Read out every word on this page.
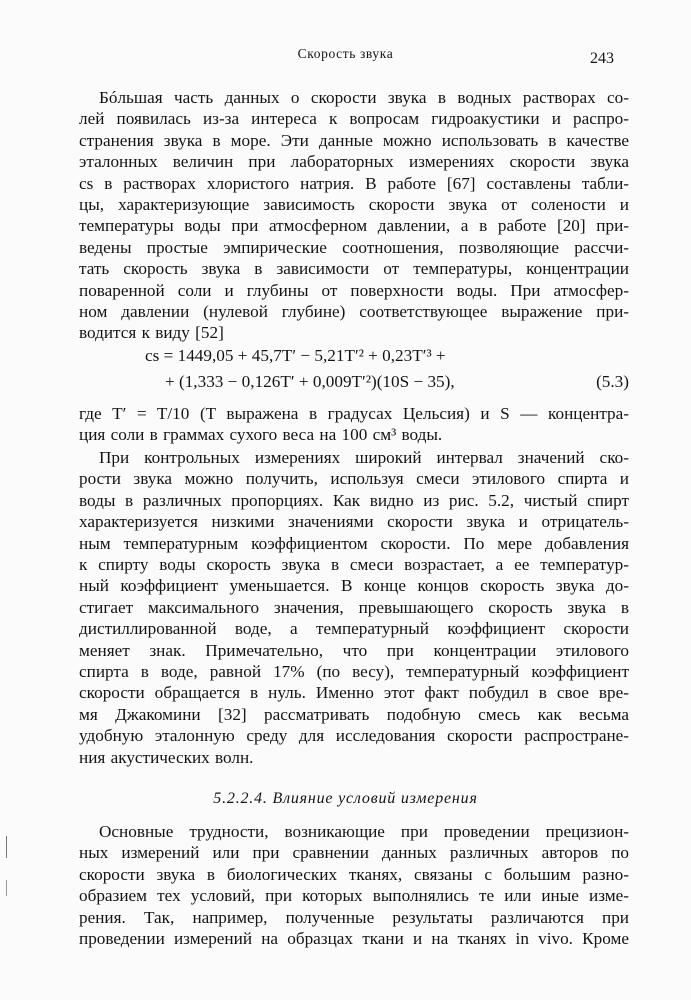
Скорость звука	243
Бóльшая часть данных о скорости звука в водных растворах со-
лей появилась из-за интереса к вопросам гидроакустики и распро-
странения звука в море. Эти данные можно использовать в качестве
эталонных величин при лабораторных измерениях скорости звука
cs в растворах хлористого натрия. В работе [67] составлены табли-
цы, характеризующие зависимость скорости звука от солености и
температуры воды при атмосферном давлении, а в работе [20] при-
ведены простые эмпирические соотношения, позволяющие рассчи-
тать скорость звука в зависимости от температуры, концентрации
поваренной соли и глубины от поверхности воды. При атмосфер-
ном давлении (нулевой глубине) соответствующее выражение при-
водится к виду [52]
cs = 1449,05 + 45,7T′ − 5,21T′² + 0,23T′³ +
+ (1,333 − 0,126T′ + 0,009T′²)(10S − 35),	(5.3)
где T′ = T/10 (T выражена в градусах Цельсия) и S — концентра-
ция соли в граммах сухого веса на 100 см³ воды.
При контрольных измерениях широкий интервал значений ско-
рости звука можно получить, используя смеси этилового спирта и
воды в различных пропорциях. Как видно из рис. 5.2, чистый спирт
характеризуется низкими значениями скорости звука и отрицатель-
ным температурным коэффициентом скорости. По мере добавления
к спирту воды скорость звука в смеси возрастает, а ее температур-
ный коэффициент уменьшается. В конце концов скорость звука до-
стигает максимального значения, превышающего скорость звука в
дистиллированной воде, а температурный коэффициент скорости
меняет знак. Примечательно, что при концентрации этилового
спирта в воде, равной 17% (по весу), температурный коэффициент
скорости обращается в нуль. Именно этот факт побудил в свое вре-
мя Джакомини [32] рассматривать подобную смесь как весьма
удобную эталонную среду для исследования скорости распростране-
ния акустических волн.
5.2.2.4. Влияние условий измерения
Основные трудности, возникающие при проведении прецизион-
ных измерений или при сравнении данных различных авторов по
скорости звука в биологических тканях, связаны с большим разно-
образием тех условий, при которых выполнялись те или иные изме-
рения. Так, например, полученные результаты различаются при
проведении измерений на образцах ткани и на тканях in vivo. Кроме
